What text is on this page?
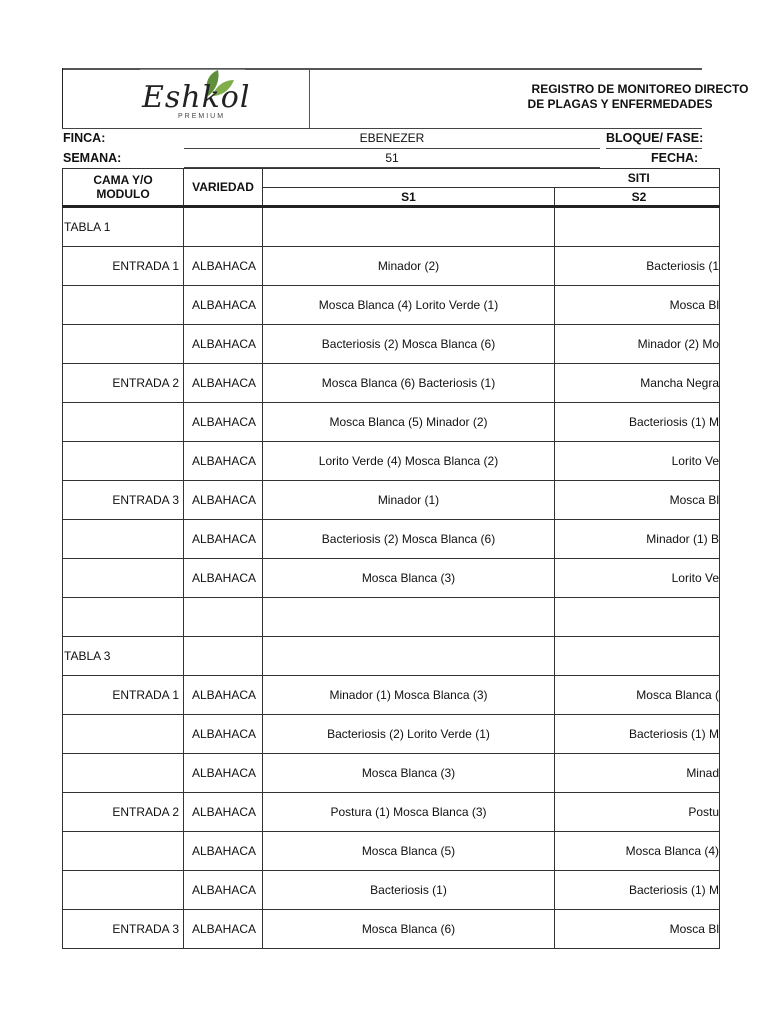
Eshkol
PREMIUM
REGISTRO DE MONITOREO DIRECTO
DE PLAGAS Y ENFERMEDADES
FINCA:	EBENEZER	BLOQUE/ FASE:
SEMANA:	51	FECHA:
CAMA Y/O MODULO	VARIEDAD		SITI
		S1	S2
TABLA 1			
ENTRADA 1	ALBAHACA	Minador (2)	Bacteriosis (1
	ALBAHACA	Mosca Blanca (4) Lorito Verde (1)	Mosca Bl
	ALBAHACA	Bacteriosis (2) Mosca Blanca (6)	Minador (2) Mo
ENTRADA 2	ALBAHACA	Mosca Blanca (6) Bacteriosis (1)	Mancha Negra
	ALBAHACA	Mosca Blanca (5) Minador (2)	Bacteriosis (1) M
	ALBAHACA	Lorito Verde (4) Mosca Blanca (2)	Lorito Ve
ENTRADA 3	ALBAHACA	Minador (1)	Mosca Bl
	ALBAHACA	Bacteriosis (2) Mosca Blanca (6)	Minador (1) B
	ALBAHACA	Mosca Blanca (3)	Lorito Ve

TABLA 3			
ENTRADA 1	ALBAHACA	Minador (1) Mosca Blanca (3)	Mosca Blanca (
	ALBAHACA	Bacteriosis (2) Lorito Verde (1)	Bacteriosis (1) M
	ALBAHACA	Mosca Blanca (3)	Minad
ENTRADA 2	ALBAHACA	Postura (1) Mosca Blanca (3)	Postu
	ALBAHACA	Mosca Blanca (5)	Mosca Blanca (4)
	ALBAHACA	Bacteriosis (1)	Bacteriosis (1) M
ENTRADA 3	ALBAHACA	Mosca Blanca (6)	Mosca Bl
